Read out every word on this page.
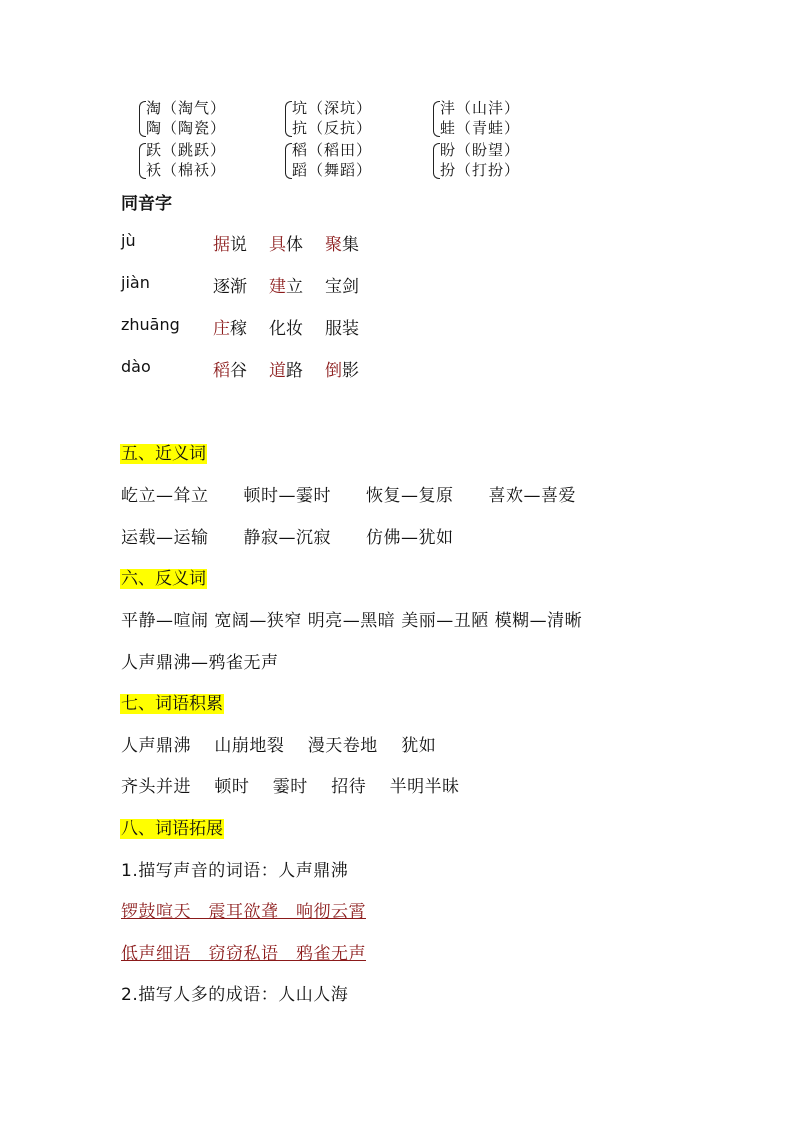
淘（淘气）
陶（陶瓷）
坑（深坑）
抗（反抗）
沣（山沣）
蛙（青蛙）
跃（跳跃）
袄（棉袄）
稻（稻田）
蹈（舞蹈）
盼（盼望）
扮（打扮）
同音字
jù	据说 具体 聚集
jiàn	逐渐 建立 宝剑
zhuāng 庄稼 化妆 服装
dào	稻谷 道路 倒影
五、近义词
屹立—耸立　　顿时—霎时　　恢复—复原　　喜欢—喜爱
运载—运输　　静寂—沉寂　　仿佛—犹如
六、反义词
平静—喧闹 宽阔—狭窄 明亮—黑暗 美丽—丑陋 模糊—清晰
人声鼎沸—鸦雀无声
七、词语积累
人声鼎沸　 山崩地裂　 漫天卷地　 犹如
齐头并进　 顿时　 霎时　 招待　 半明半昧
八、词语拓展
1.描写声音的词语：人声鼎沸
锣鼓喧天　震耳欲聋　响彻云霄
低声细语　窃窃私语　鸦雀无声
2.描写人多的成语：人山人海
